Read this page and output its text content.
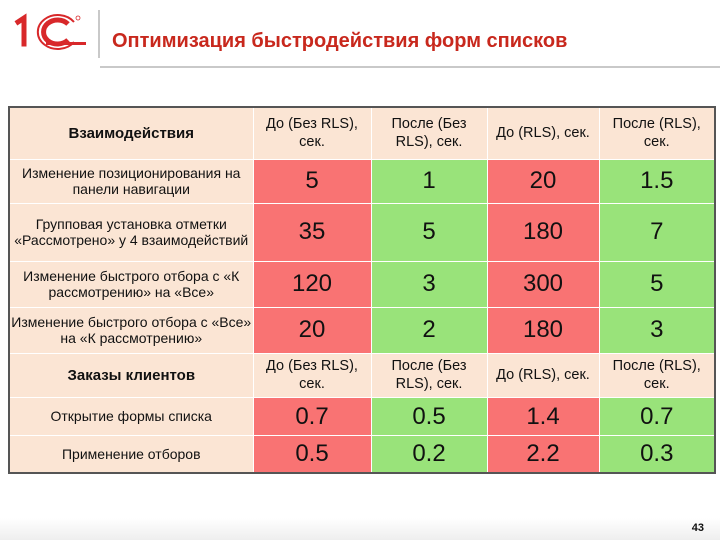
Оптимизация быстродействия форм списков
Взаимодействия	До (Без RLS), сек.	После (Без RLS), сек.	До (RLS), сек.	После (RLS), сек.
Изменение позиционирования на панели навигации	5	1	20	1.5
Групповая установка отметки «Рассмотрено» у 4 взаимодействий	35	5	180	7
Изменение быстрого отбора с «К рассмотрению» на «Все»	120	3	300	5
Изменение быстрого отбора с «Все» на «К рассмотрению»	20	2	180	3
Заказы клиентов	До (Без RLS), сек.	После (Без RLS), сек.	До (RLS), сек.	После (RLS), сек.
Открытие формы списка	0.7	0.5	1.4	0.7
Применение отборов	0.5	0.2	2.2	0.3
43
